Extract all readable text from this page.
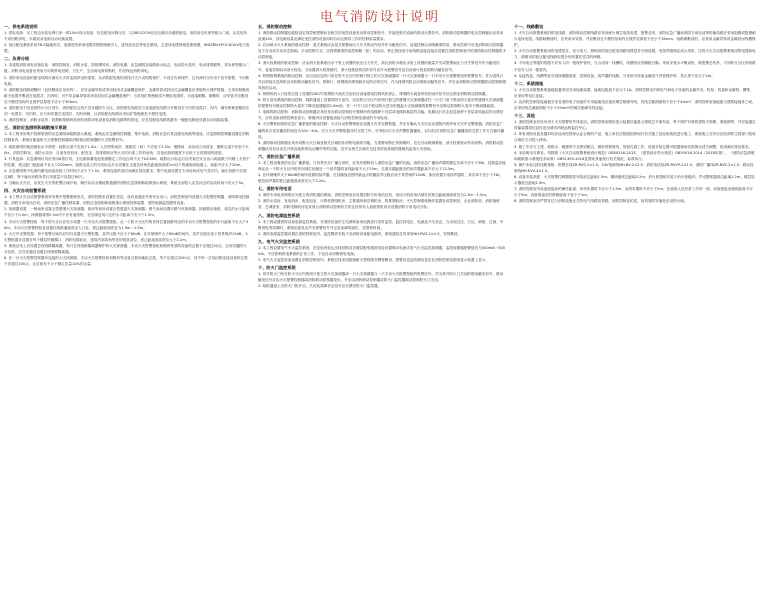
电气消防设计说明
一、供电系统说明
1. 供电电源：本工程由市政电网引来一路10kV高压电源，经变配电所降压后，以380/220V低压电源向各楼栋配电。消防用电负荷等级为二级，由变电所专用回路供电，末端设双电源自动切换装置。
2. 低压配电系统采用TN-S接地形式，电源进线采用电缆穿钢管埋地引入，进线处设总等电位联结。主进线电缆规格见系统图，WDZBN-YJY-0.6/1kV电力电缆。
二、负荷分级
1. 本建筑消防用电设备包括：消防控制室、消防水泵、防排烟风机、消防电梯、应急照明及疏散指示标志、电动防火卷帘、电动排烟窗等，其负荷等级为二级。消防用电设备应采用专用的供电回路，当生产、生活用电被切断时，仍应保证消防用电。
2. 消防用电设备的配电线路应满足火灾时连续供电的需要，各消防配电箱的进线开关只设短路保护，不设过负荷保护，过负荷时仅作用于信号报警，不切断电源。
3. 消防配电线路明敷时（包括敷设在吊顶内），应穿金属导管或采用封闭式金属槽盒保护，金属导管或封闭式金属槽盒应采取防火保护措施；当采用阻燃或耐火电缆并敷设在电缆井、沟内时，可不穿金属导管或采用封闭式金属槽盒保护；当采用矿物绝缘类不燃性电缆时，可直接明敷。暗敷时，应穿管并应敷设在不燃性结构内且保护层厚度不应小于30mm。
4. 消防配电干线宜按防火分区划分，消防配电支线不宜穿越防火分区。消防配电线路宜与其他配电线路分开敷设在不同的电缆井、沟内；确有困难需敷设在同一电缆井、沟内时，应分别布置在电缆井、沟的两侧，且消防配电线路应采用矿物绝缘类不燃性电缆。
5. 消防控制室、消防水泵房、防烟和排烟风机房的消防用电设备及消防电梯等的供电，应在其配电线路的最末一级配电箱处设置自动切换装置。
三、消防应急照明和疏散指示系统
1. 本工程采用集中控制型消防应急照明和疏散指示系统，系统由应急照明控制器、集中电源、消防应急灯具及配电线路等组成。应急照明控制器设置在消防控制室内，系统应能接收火灾报警控制器或消防联动控制器的火灾报警信号。
2. 疏散照明的地面最低水平照度：疏散走道不应低于1.0lx；人员密集场所、避难层（间）不应低于3.0lx；楼梯间、前室或合用前室、避难走道不应低于5.0lx。消防控制室、消防水泵房、自备发电机房、配电室、防排烟机房等火灾时仍需工作的场所，其备用照明照度不应低于正常照明的照度。
3. 灯具选择：应急照明灯具应采用A型灯具，主电源和蓄电池电源额定工作电压均不大于DC36V。疏散出口标志灯应安装在安全出口或疏散门内侧上方居中的位置，底边距门框距离不宜大于200mm；疏散走道上的方向标志灯应设置在走道及转角处距地面高度1m以下的墙面或地面上，间距不应大于20m。
4. 应急照明集中电源的蓄电池组持续工作时间不应少于1.5h，系统连续供电时间满足规范要求。集中电源设置在专用房间或电气竖井内，输出回路不应超过8路，每个输出回路所带灯具数量不宜超过60只。
5. 当确认火灾后，由发生火灾的报警区域开始，顺序启动全楼疏散通道的消防应急照明和疏散指示系统，系统全部投入应急状态的启动时间不应大于5s。
四、火灾自动报警系统
1. 本工程火灾自动报警系统采用集中报警系统形式，消防控制室设置在首层，设有直通室外的安全出口。消防控制室内设置火灾报警控制器、消防联动控制器、消防专用电话总机、消防应急广播控制装置、消防应急照明和疏散指示系统控制装置、消防电源监控器等设备。
2. 探测器设置：一般场所设置点型感烟火灾探测器；厨房等场所设置点型感温火灾探测器；燃气表间设置可燃气体探测器。探测器至墙壁、梁边的水平距离不应小于0.5m，探测器周围0.5m内不应有遮挡物，至空调送风口边的水平距离不应小于1.5m。
3. 手动火灾报警按钮：每个防火分区应至少设置一只手动火灾报警按钮。从一个防火分区内的任何位置到最邻近的手动火灾报警按钮的步行距离不应大于30m。手动火灾报警按钮宜设置在疏散通道或出入口处，底边距地高度宜为1.3m～1.5m。
4. 火灾声光警报器：每个报警区域内应均匀设置火灾警报器，其声压级不应小于60dB；在环境噪声大于60dB的场所，其声压级应高于背景噪声15dB。火灾警报器宜设置在每个楼层的楼梯口、消防电梯前室、建筑内部拐角等处的明显部位，底边距地面高度应大于2.2m。
5. 系统总线上应设置总线短路隔离器，每只总线短路隔离器保护的火灾探测器、手动火灾报警按钮和模块等消防设备的总数不应超过32点；总线穿越防火分区时，应在穿越处设置总线短路隔离器。
6. 任一台火灾报警控制器所连接的火灾探测器、手动火灾报警按钮和模块等设备总数和地址总数，均不应超过3200点，其中每一总线回路连接设备的总数不宜超过200点，且应留有不少于额定容量10%的余量。
五、消防联动控制
1. 消防联动控制器应能按设定的控制逻辑向各相关的受控设备发出联动控制信号，并接受相关设备的联动反馈信号。消防联动控制器的电压控制输出应采用直流24V，其电源容量应满足受控消防设备同时启动且维持工作的控制容量要求。
2. 自动喷水灭火系统的联动控制：湿式系统应由湿式报警阀压力开关的动作信号作为触发信号，直接控制启动喷淋消防泵，联动控制不应受消防联动控制器处于自动或手动状态影响。手动控制方式，应将喷淋消防泵控制箱（柜）的启动、停止按钮用专用线路直接连接至设置在消防控制室内的消防联动控制器的手动控制盘。
3. 消火栓系统的联动控制：应由消火栓系统出水干管上设置的低压压力开关、高位消防水箱出水管上设置的流量开关或报警阀压力开关等信号作为触发信号，直接控制启动消火栓泵。当设置消火栓按钮时，消火栓按钮的动作信号应作为报警信号及启动消火栓泵的联动触发信号。
4. 防烟排烟系统的联动控制：应由加压送风口所在防火分区内的两只独立的火灾探测器或一只火灾探测器与一只手动火灾报警按钮的报警信号，作为送风口开启和加压送风机启动的联动触发信号。排烟口、排烟窗或排烟阀开启的动作信号，作为排烟风机启动的联动触发信号，并应由消防联动控制器联动控制排烟风机的启动。
5. 排烟风机入口处的总管上设置的280℃排烟防火阀在关闭后应直接联动控制风机停止，排烟防火阀及风机的动作信号应反馈至消防联动控制器。
6. 防火卷帘系统的联动控制：疏散通道上设置的防火卷帘，应由防火分区内任两只独立的感烟火灾探测器或任一只专门用于联动防火卷帘的感烟火灾探测器的报警信号联动控制防火卷帘下降至距楼板面1.8m处；任一只专门用于联动防火卷帘的感温火灾探测器的报警信号应联动控制防火卷帘下降到楼板面。
7. 电梯的联动控制：消防联动控制器应具有发出联动控制信号强制所有电梯停于首层或电梯转换层的功能。电梯运行状态信息和停于首层或转换层的反馈信号，应传送给消防控制室显示，轿厢内应设置能直接与消防控制室通话的专用电话。
8. 火灾警报和消防应急广播系统的联动控制：火灾自动报警系统应设置火灾声光警报器，并应在确认火灾后启动建筑内的所有火灾声光警报器。消防应急广播的单次语音播放时间宜为10s～30s，应与火灾声警报器分时交替工作，可采取1次火灾声警报器播放、1次或2次消防应急广播播放的交替工作方式循环播放。
9. 消防联动控制器应具有切断火灾区域及相关区域的非消防电源的功能，当需要切断正常照明时，宜在自动喷淋系统、消火栓系统动作前切断。消防联动控制器应具有自动打开涉及疏散的电动栅杆等的功能，宜开启相关区域安全技术防范系统的摄像机监视火灾现场。
六、消防应急广播系统
1. 本工程设置消防应急广播系统，与背景音乐广播合用时，应具有强制切入消防应急广播的功能。消防应急广播扬声器的额定功率不应小于3W，其数量应能保证从一个防火分区内的任何部位到最近一个扬声器的直线距离不大于25m，走道末端距最近的扬声器距离不应大于12.5m。
2. 在环境噪声大于60dB的场所设置的扬声器，在其播放范围内最远点的播放声压级应高于背景噪声15dB。客房设置专用扬声器时，其功率不宜小于1W。壁挂扬声器的底边距地面高度应大于2.2m。
七、消防专用电话
1. 消防专用电话网络应为独立的消防通信系统。消防控制室应设置消防专用电话总机，电话分机或电话插孔的底边距地面高度宜为1.3m～1.5m。
2. 消防水泵房、发电机房、配变电室、计算机网络机房、主要通风和空调机房、防排烟机房、灭火控制系统操作装置处或控制室、企业消防站、消防值班室、总调度室、消防电梯机房及其他与消防联动控制有关的且经常有人值班的机房应设置消防专用电话分机。
八、消防电源监控系统
1. 本工程设置消防设备电源监控系统，对消防设备的主电源和备用电源进行实时监控，监控其电压、电流及开关状态，当出现过压、欠压、缺相、过流、中断供电等故障时，系统应能发出声光报警信号并记录故障的部位、类型和时间。
2. 消防电源监控器设置在消防控制室内，监控模块安装于各消防设备配电箱内，系统通信总线采用NH-RVS-2×1.5，穿管敷设。
九、电气火灾监控系统
1. 本工程设置电气火灾监控系统，在变电所低压出线回路及各楼层配电箱进线处设置剩余电流式电气火灾监控探测器，监控探测器报警值宜为300mA～500mA，不应影响供电系统的正常工作，不宜自动切断供电电源。
2. 电气火灾监控设备设置在消防控制室内，系统总线采用阻燃耐火型线缆穿钢管敷设，报警信息及故障信息应在消防控制室图形显示装置上显示。
十、防火门监控系统
1. 常开防火门所在防火分区内的两只独立的火灾探测器或一只火灾探测器与一只手动火灾报警按钮的报警信号，作为常开防火门关闭的联动触发信号，联动触发信号应由火灾报警控制器或消防联动控制器发出，并应由消防联动控制器或防火门监控器联动控制防火门关闭。
2. 疏散通道上各防火门的开启、关闭及故障状态信号应反馈至防火门监控器。
十一、线路敷设
1. 火灾自动报警系统的供电线路、消防联动控制线路应采用耐火铜芯电线电缆，报警总线、消防应急广播和消防专用电话等传输线路应采用阻燃或阻燃耐火电线电缆。线路暗敷设时，应采用穿导管，并应敷设在不燃性结构内且保护层厚度不宜小于30mm；线路明敷设时，应采用金属导管或金属封闭线槽保护。
2. 火灾自动报警系统用的电缆竖井，宜与电力、照明用的低压配电线路电缆竖井分别设置。受条件限制必须合用时，应将火灾自动报警系统用的电缆和电力、照明用的低压配电线路电缆分别布置在竖井的两侧。
3. 不同电压等级的线缆不应穿入同一根保护管内，当合用同一线槽时，线槽内应有隔板分隔。采用穿管水平敷设时，除报警总线外，不同防火分区的线路不应穿入同一根管内。
4. 从接线盒、线槽等处引到探测器底座、控制设备、扬声器的线路，当采用可弯曲金属电气导管保护时，其长度不应大于2m。
十二、系统接地
1. 火灾自动报警系统接地装置采用共用接地装置，接地电阻值不应大于1Ω。消防控制室内的电气和电子设备的金属外壳、机柜、机架和金属管、槽等，应采用等电位连接。
2. 由消防控制室接地板引至各消防电子设备的专用接地线应选用铜芯绝缘导线，其线芯截面面积不应小于4mm²；消防控制室接地板与建筑接地体之间，应采用线芯截面面积不小于25mm²的铜芯绝缘导线连接。
十三、其他
1. 消防控制室应设有用于火灾报警的外线电话。消防控制室图形显示装置应能显示建筑总平面布局、每个保护对象的建筑平面图、系统图等，并应能通过传输装置将信息传送至城市消防远程监控中心。
2. 所有消防设备及器材均应选用经国家认证合格的产品，施工单位应按照国家现行有关施工及验收规范进行施工，系统施工完毕后应经消防主管部门验收合格后方可投入使用。
3. 施工中应与土建、给排水、暖通等专业密切配合，做好预埋管线、预留孔洞工作，设备安装位置可根据现场实际情况适当调整，但须满足规范要求。
4. 本说明未尽事宜，均按照《火灾自动报警系统设计规范》GB50116-2013、《建筑设计防火规范》GB50016-2014（2018年版）、《消防应急照明和疏散指示系统技术标准》GB51309-2018及国家其他现行有关规范、标准执行。
5. 图中未标注的线路规格：报警总线ZR-RVS-2×1.5；24V电源线NH-BV-2×2.5；消防电话线ZR-RVVP-2×1.0；消防广播线ZR-RVS-2×1.5；联动控制线NH-KVV-4×1.5。
6. 设备安装高度：火灾报警控制器壁挂安装底边距地1.5m；模块箱底边距地2.2m；消火栓按钮安装于消火栓箱内；声光警报器底边距地2.2m；楼层显示器底边距地1.5m。
7. 消防控制室内设备面盘前的操作距离，单列布置时不应小于1.5m，双列布置时不应小于2m；在值班人员经常工作的一面，设备面盘至墙的距离不应小于3m；设备面盘后的维修距离不宜小于1m。
8. 消防控制室内严禁穿过与消防设施无关的电气线路及管路，消防控制室的送、回风管的穿墙处应设防火阀。
